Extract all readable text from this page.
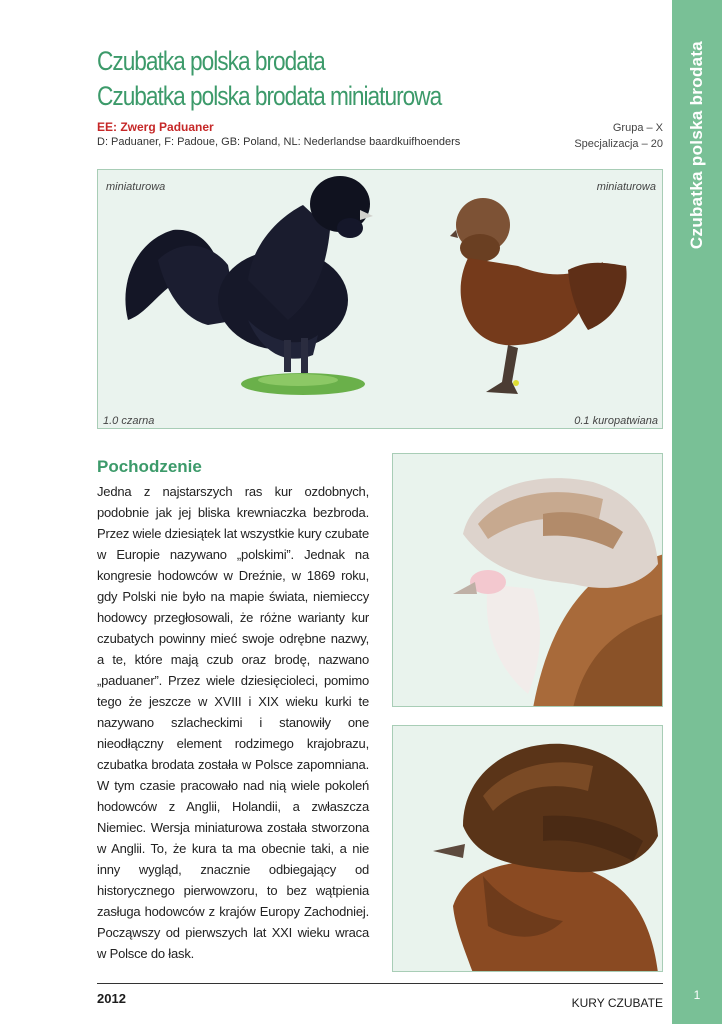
Czubatka polska brodata
1
Czubatka polska brodata
Czubatka polska brodata miniaturowa
EE: Zwerg Paduaner
D: Paduaner, F: Padoue, GB: Poland, NL: Nederlandse baardkuifhoenders
Grupa – X
Specjalizacja – 20
miniaturowa	miniaturowa
1.0 czarna	0.1 kuropatwiana
Pochodzenie

Jedna z najstarszych ras kur ozdobnych, podobnie jak jej bliska krewniaczka bezbroda. Przez wiele dziesiątek lat wszystkie kury czubate w Europie nazywano „polskimi”. Jednak na kongresie hodowców w Dreźnie, w 1869 roku, gdy Polski nie było na mapie świata, niemieccy hodowcy przegłosowali, że różne warianty kur czubatych powinny mieć swoje odrębne nazwy, a te, które mają czub oraz brodę, nazwano „paduaner”. Przez wiele dziesięcioleci, pomimo tego że jeszcze w XVIII i XIX wieku kurki te nazywano szlacheckimi i stanowiły one nieodłączny element rodzimego krajobrazu, czubatka brodata została w Polsce zapomniana. W tym czasie pracowało nad nią wiele pokoleń hodowców z Anglii, Holandii, a zwłaszcza Niemiec. Wersja miniaturowa została stworzona w Anglii. To, że kura ta ma obecnie taki, a nie inny wygląd, znacznie odbiegający od historycznego pierwowzoru, to bez wątpienia zasługa hodowców z krajów Europy Zachodniej. Począwszy od pierwszych lat XXI wieku wraca w Polsce do łask.

2012	KURY CZUBATE
